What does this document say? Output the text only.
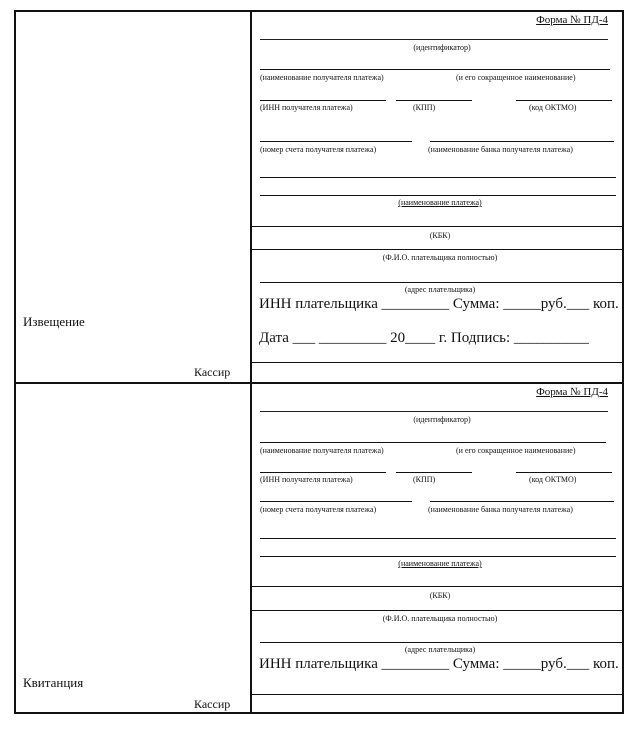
Форма № ПД-4
(идентификатор)
(наименование получателя платежа)	(и его сокращенное наименование)
(ИНН получателя платежа)	(КПП)	(код ОКТМО)
(номер счета получателя платежа)	(наименование банка получателя платежа)
(наименование платежа)
(КБК)
(Ф.И.О. плательщика полностью)
(адрес плательщика)
ИНН плательщика _________ Сумма: _____руб.___ коп.
Дата ___ _________ 20____ г. Подпись: __________
Извещение
Кассир
Форма № ПД-4
(идентификатор)
(наименование получателя платежа)	(и его сокращенное наименование)
(ИНН получателя платежа)	(КПП)	(код ОКТМО)
(номер счета получателя платежа)	(наименование банка получателя платежа)
(наименование платежа)
(КБК)
(Ф.И.О. плательщика полностью)
(адрес плательщика)
ИНН плательщика _________ Сумма: _____руб.___ коп.
Квитанция
Кассир
